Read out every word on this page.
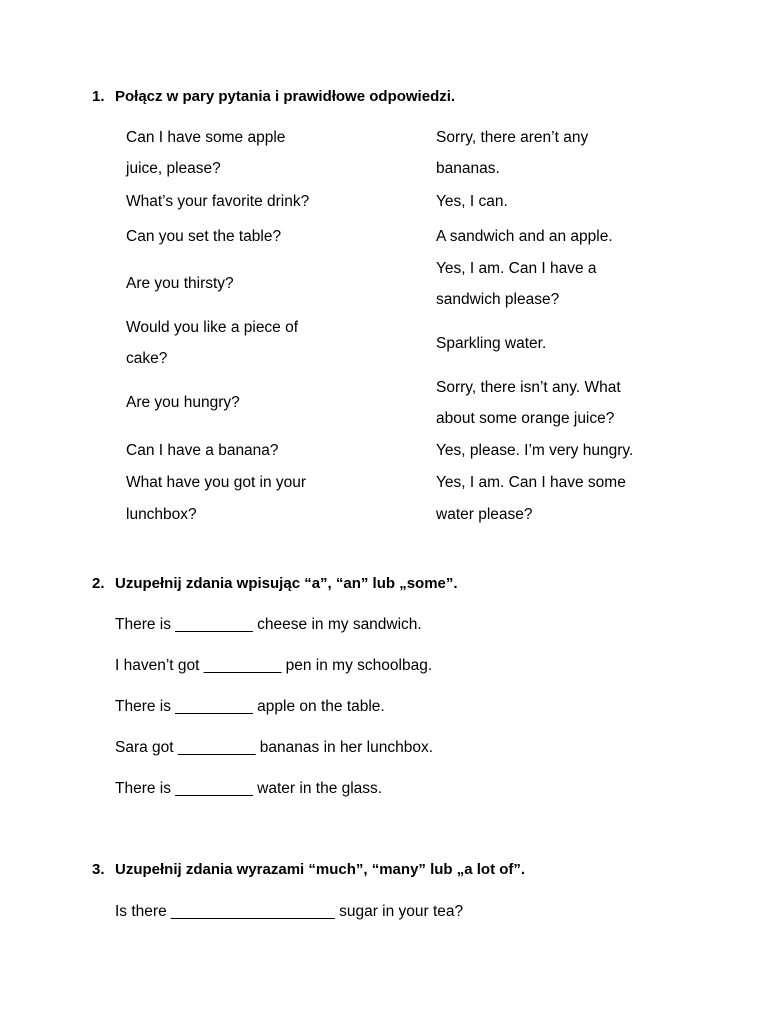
1. Połącz w pary pytania i prawidłowe odpowiedzi.
Can I have some apple
juice, please?
What’s your favorite drink?
Can you set the table?
Are you thirsty?
Would you like a piece of
cake?
Are you hungry?
Can I have a banana?
What have you got in your
lunchbox?
Sorry, there aren’t any
bananas.
Yes, I can.
A sandwich and an apple.
Yes, I am. Can I have a
sandwich please?
Sparkling water.
Sorry, there isn’t any. What
about some orange juice?
Yes, please. I’m very hungry.
Yes, I am. Can I have some
water please?
2. Uzupełnij zdania wpisując “a”, “an” lub „some”.
There is _________ cheese in my sandwich.
I haven’t got _________ pen in my schoolbag.
There is _________ apple on the table.
Sara got _________ bananas in her lunchbox.
There is _________ water in the glass.
3. Uzupełnij zdania wyrazami “much”, “many” lub „a lot of”.
Is there ___________________ sugar in your tea?
